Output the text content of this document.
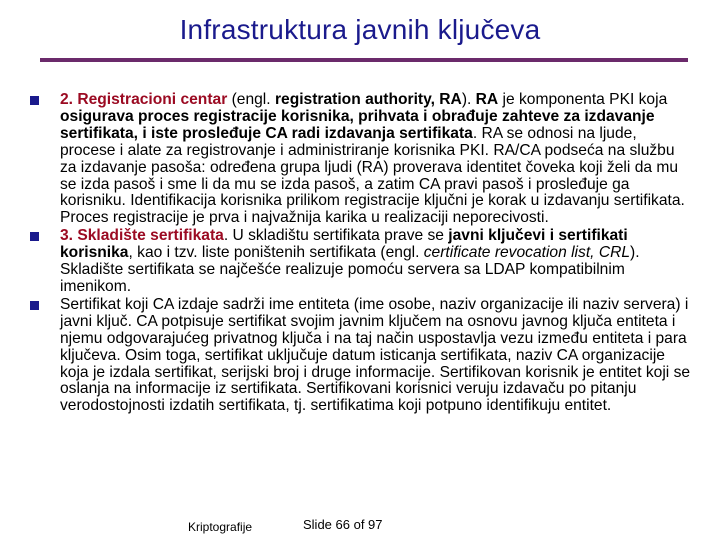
Infrastruktura javnih ključeva
2. Registracioni centar (engl. registration authority, RA). RA je komponenta PKI koja osigurava proces registracije korisnika, prihvata i obrađuje zahteve za izdavanje sertifikata, i iste prosleđuje CA radi izdavanja sertifikata. RA se odnosi na ljude, procese i alate za registrovanje i administriranje korisnika PKI. RA/CA podseća na službu za izdavanje pasoša: određena grupa ljudi (RA) proverava identitet čoveka koji želi da mu se izda pasoš i sme li da mu se izda pasoš, a zatim CA pravi pasoš i prosleđuje ga korisniku. Identifikacija korisnika prilikom registracije ključni je korak u izdavanju sertifikata. Proces registracije je prva i najvažnija karika u realizaciji neporecivosti.
3. Skladište sertifikata. U skladištu sertifikata prave se javni ključevi i sertifikati korisnika, kao i tzv. liste poništenih sertifikata (engl. certificate revocation list, CRL). Skladište sertifikata se najčešće realizuje pomoću servera sa LDAP kompatibilnim imenikom.
Sertifikat koji CA izdaje sadrži ime entiteta (ime osobe, naziv organizacije ili naziv servera) i javni ključ. CA potpisuje sertifikat svojim javnim ključem na osnovu javnog ključa entiteta i njemu odgovarajućeg privatnog ključa i na taj način uspostavlja vezu između entiteta i para ključeva. Osim toga, sertifikat uključuje datum isticanja sertifikata, naziv CA organizacije koja je izdala sertifikat, serijski broj i druge informacije. Sertifikovan korisnik je entitet koji se oslanja na informacije iz sertifikata. Sertifikovani korisnici veruju izdavaču po pitanju verodostojnosti izdatih sertifikata, tj. sertifikatima koji potpuno identifikuju entitet.
Kriptografije	Slide 66 of 97
